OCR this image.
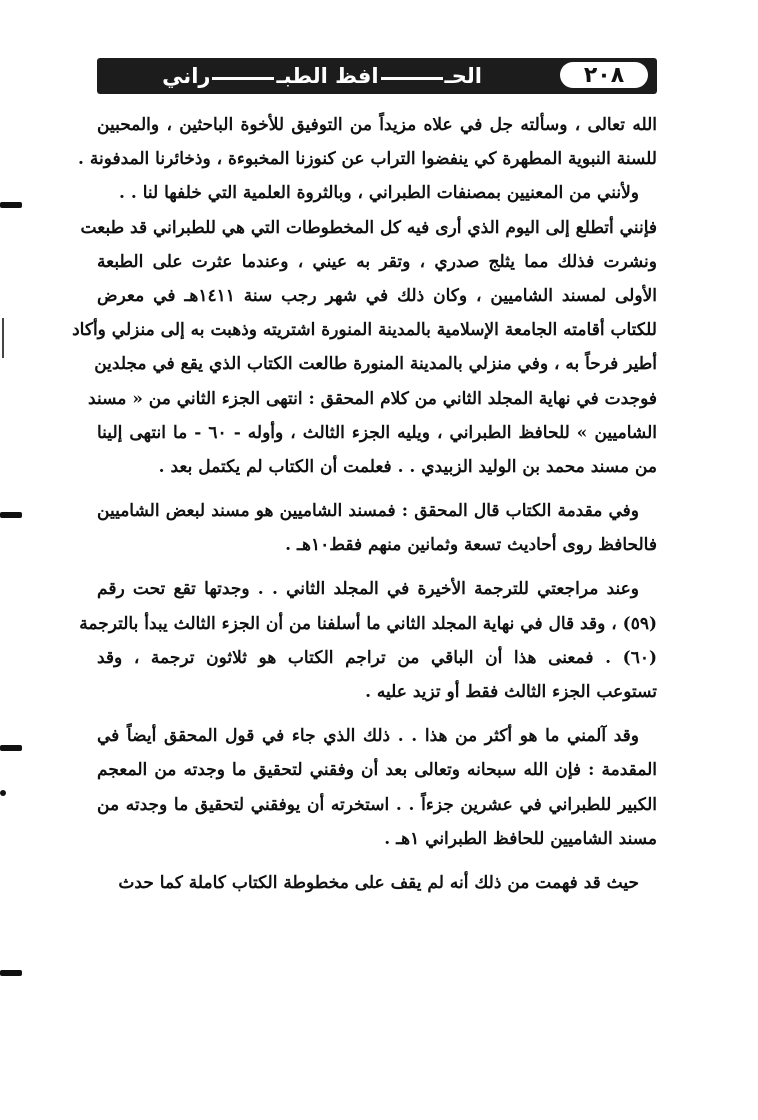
٢٠٨
الحـ
افظ الطبـ
راني

الله تعالى ، وسألته جل في علاه مزيداً من التوفيق للأخوة الباحثين ، والمحبين
للسنة النبوية المطهرة كي ينفضوا التراب عن كنوزنا المخبوءة ، وذخائرنا المدفونة .

ولأنني من المعنيين بمصنفات الطبراني ، وبالثروة العلمية التي خلفها لنا . .
فإنني أتطلع إلى اليوم الذي أرى فيه كل المخطوطات التي هي للطبراني قد طبعت
ونشرت فذلك مما يثلج صدري ، وتقر به عيني ، وعندما عثرت على الطبعة
الأولى لمسند الشاميين ، وكان ذلك في شهر رجب سنة ١٤١١هـ في معرض
للكتاب أقامته الجامعة الإسلامية بالمدينة المنورة اشتريته وذهبت به إلى منزلي وأكاد
أطير فرحاً به ، وفي منزلي بالمدينة المنورة طالعت الكتاب الذي يقع في مجلدين
فوجدت في نهاية المجلد الثاني من كلام المحقق : انتهى الجزء الثاني من « مسند
الشاميين » للحافظ الطبراني ، ويليه الجزء الثالث ، وأوله - ٦٠ - ما انتهى إلينا
من مسند محمد بن الوليد الزبيدي . . فعلمت أن الكتاب لم يكتمل بعد .

وفي مقدمة الكتاب قال المحقق : فمسند الشاميين هو مسند لبعض الشاميين
فالحافظ روى أحاديث تسعة وثمانين منهم فقط١٠هـ .

وعند مراجعتي للترجمة الأخيرة في المجلد الثاني . . وجدتها تقع تحت رقم
(٥٩) ، وقد قال في نهاية المجلد الثاني ما أسلفنا من أن الجزء الثالث يبدأ بالترجمة
(٦٠) . فمعنى هذا أن الباقي من تراجم الكتاب هو ثلاثون ترجمة ، وقد
تستوعب الجزء الثالث فقط أو تزيد عليه .

وقد آلمني ما هو أكثر من هذا . . ذلك الذي جاء في قول المحقق أيضاً في
المقدمة : فإن الله سبحانه وتعالى بعد أن وفقني لتحقيق ما وجدته من المعجم
الكبير للطبراني في عشرين جزءاً . . استخرته أن يوفقني لتحقيق ما وجدته من
مسند الشاميين للحافظ الطبراني ١هـ .

حيث قد فهمت من ذلك أنه لم يقف على مخطوطة الكتاب كاملة كما حدث
